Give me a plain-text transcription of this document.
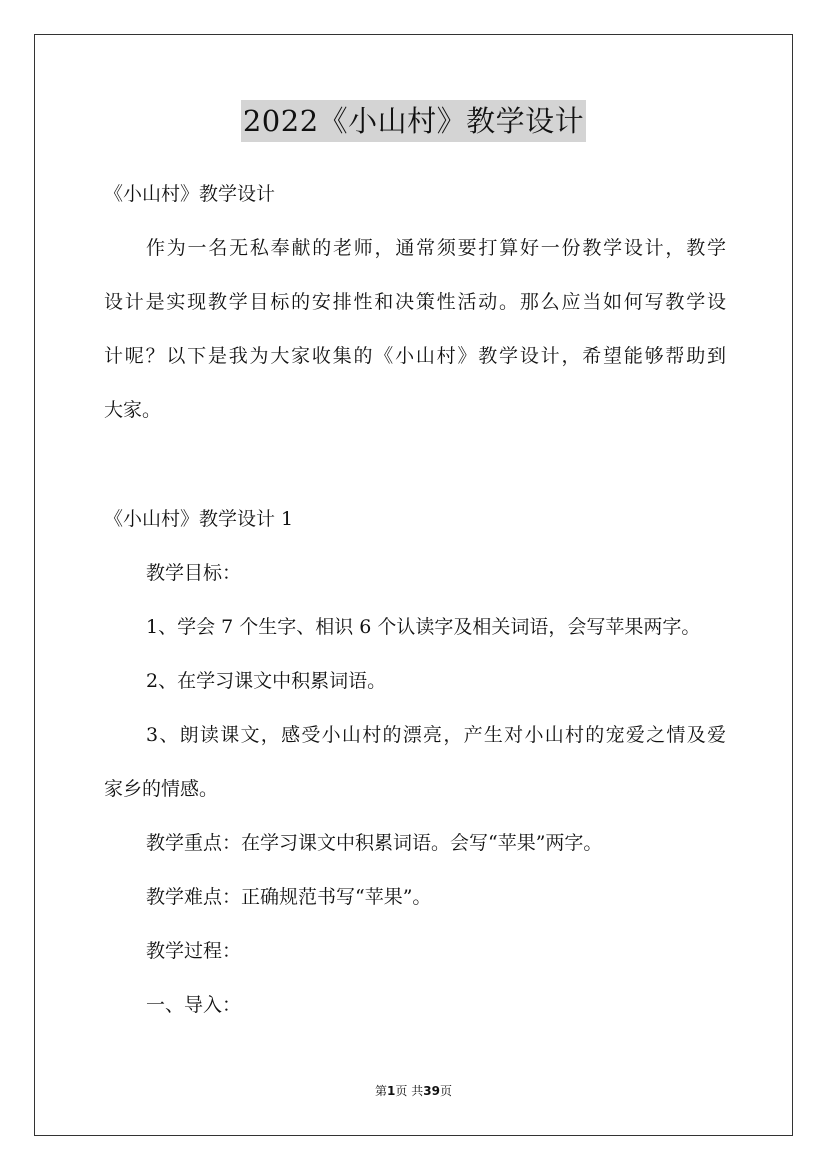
2022《小山村》教学设计
《小山村》教学设计
作为一名无私奉献的老师，通常须要打算好一份教学设计，教学
设计是实现教学目标的安排性和决策性活动。那么应当如何写教学设
计呢？以下是我为大家收集的《小山村》教学设计，希望能够帮助到
大家。
《小山村》教学设计 1
教学目标：
1、学会 7 个生字、相识 6 个认读字及相关词语，会写苹果两字。
2、在学习课文中积累词语。
3、朗读课文，感受小山村的漂亮，产生对小山村的宠爱之情及爱
家乡的情感。
教学重点：在学习课文中积累词语。会写“苹果”两字。
教学难点：正确规范书写“苹果”。
教学过程：
一、导入：
第1页 共39页
